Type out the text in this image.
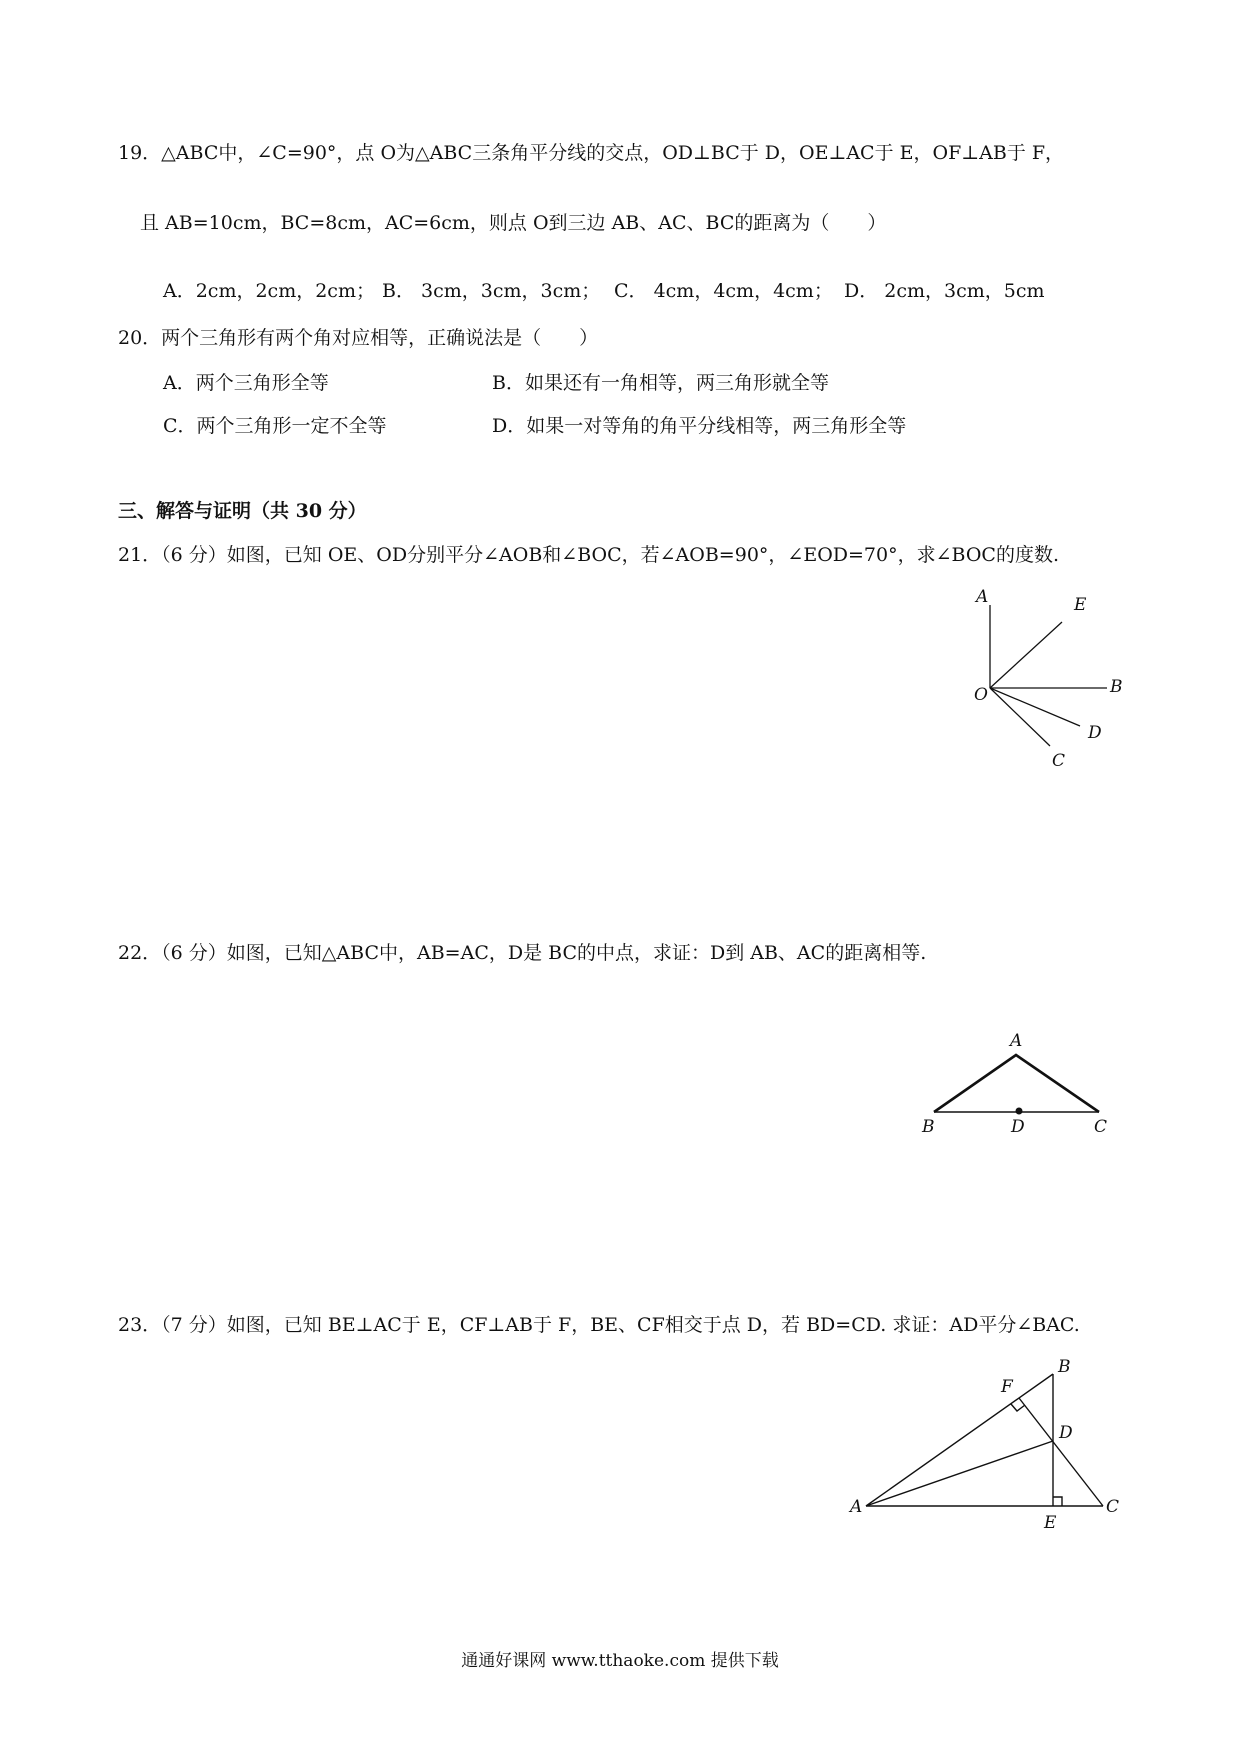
19．△ABC中，∠C=90°，点 O为△ABC三条角平分线的交点，OD⊥BC于 D，OE⊥AC于 E，OF⊥AB于 F，
且 AB=10cm，BC=8cm，AC=6cm，则点 O到三边 AB、AC、BC的距离为（　　）
A．2cm，2cm，2cm； B． 3cm，3cm，3cm； C． 4cm，4cm，4cm； D． 2cm，3cm，5cm
20．两个三角形有两个角对应相等，正确说法是（　　）
A．两个三角形全等	B．如果还有一角相等，两三角形就全等
C．两个三角形一定不全等	D．如果一对等角的角平分线相等，两三角形全等
三、解答与证明（共 30 分）
21．（6 分）如图，已知 OE、OD分别平分∠AOB和∠BOC，若∠AOB=90°，∠EOD=70°，求∠BOC的度数.
A	E
O	B
D
C
22．（6 分）如图，已知△ABC中，AB=AC，D是 BC的中点，求证：D到 AB、AC的距离相等.
A
B	D	C
23．（7 分）如图，已知 BE⊥AC于 E，CF⊥AB于 F，BE、CF相交于点 D，若 BD=CD. 求证：AD平分∠BAC.
F
B
D
A
E
C
通通好课网 www.tthaoke.com 提供下载
